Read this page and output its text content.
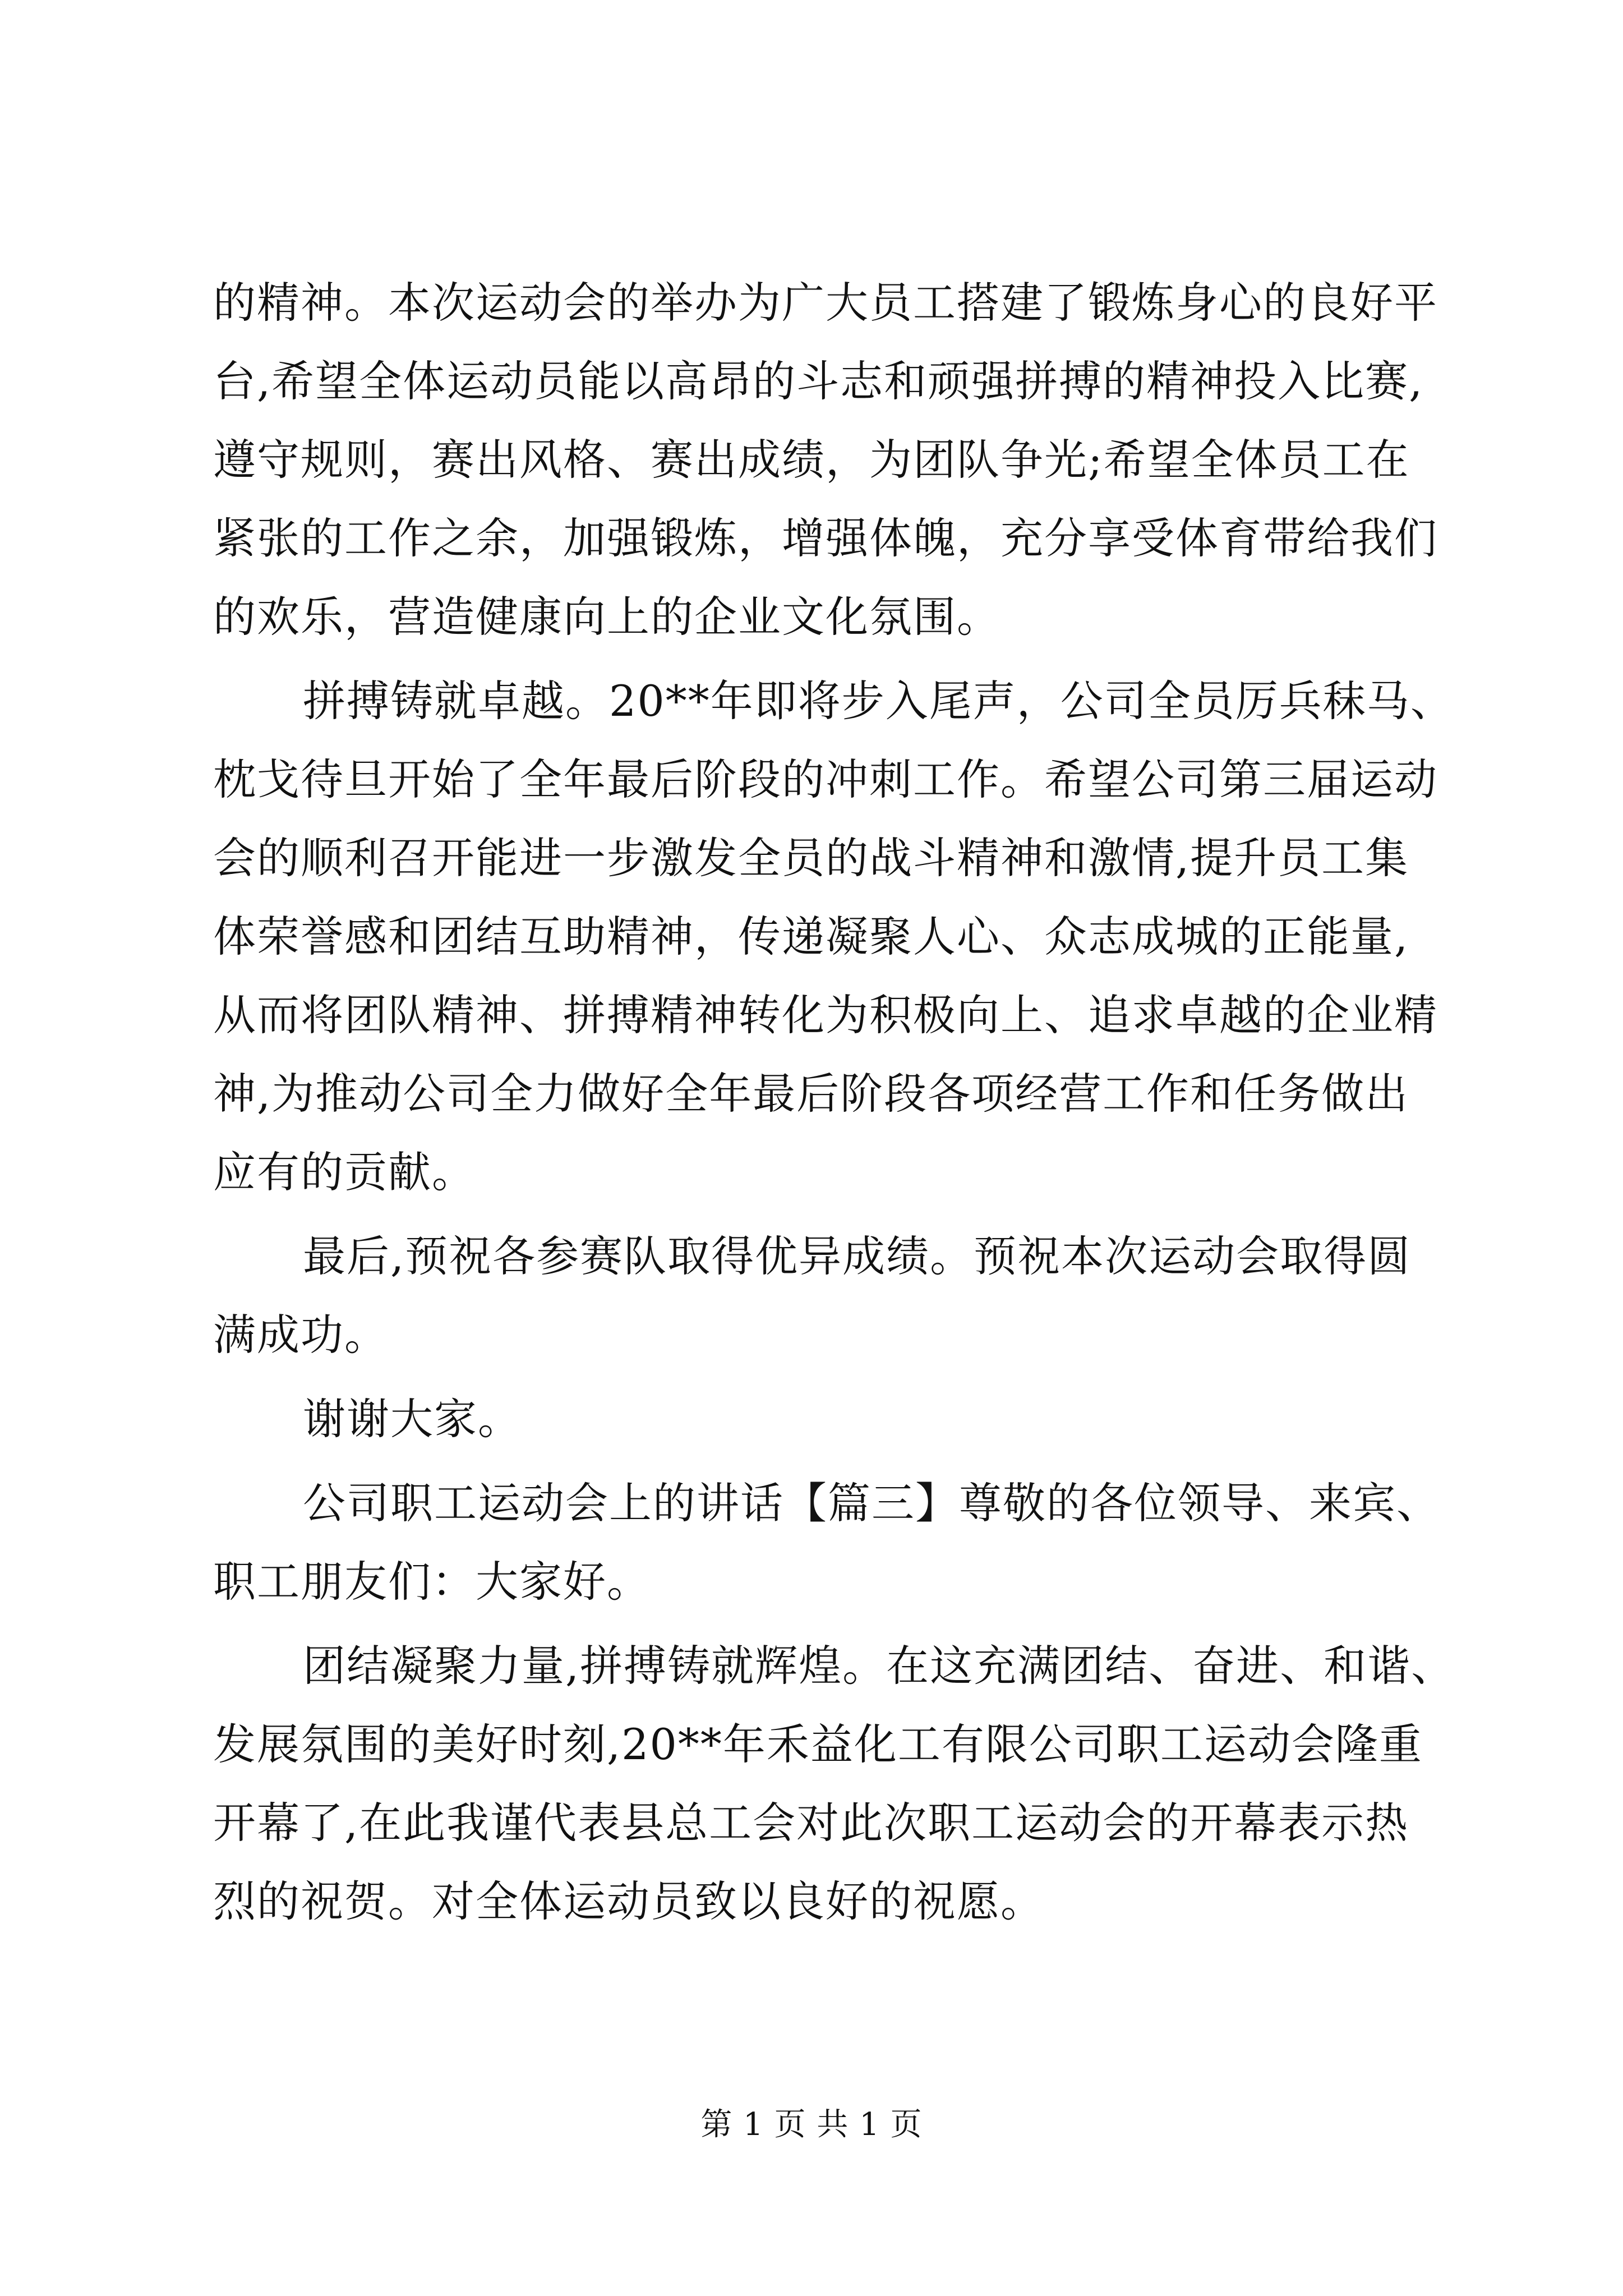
的精神。本次运动会的举办为广大员工搭建了锻炼身心的良好平
台,希望全体运动员能以高昂的斗志和顽强拼搏的精神投入比赛,
遵守规则，赛出风格、赛出成绩，为团队争光;希望全体员工在
紧张的工作之余，加强锻炼，增强体魄，充分享受体育带给我们
的欢乐，营造健康向上的企业文化氛围。
拼搏铸就卓越。20**年即将步入尾声，公司全员厉兵秣马、
枕戈待旦开始了全年最后阶段的冲刺工作。希望公司第三届运动
会的顺利召开能进一步激发全员的战斗精神和激情,提升员工集
体荣誉感和团结互助精神，传递凝聚人心、众志成城的正能量,
从而将团队精神、拼搏精神转化为积极向上、追求卓越的企业精
神,为推动公司全力做好全年最后阶段各项经营工作和任务做出
应有的贡献。
最后,预祝各参赛队取得优异成绩。预祝本次运动会取得圆
满成功。
谢谢大家。
公司职工运动会上的讲话【篇三】尊敬的各位领导、来宾、
职工朋友们：大家好。
团结凝聚力量,拼搏铸就辉煌。在这充满团结、奋进、和谐、
发展氛围的美好时刻,20**年禾益化工有限公司职工运动会隆重
开幕了,在此我谨代表县总工会对此次职工运动会的开幕表示热
烈的祝贺。对全体运动员致以良好的祝愿。
第 1 页 共 1 页
